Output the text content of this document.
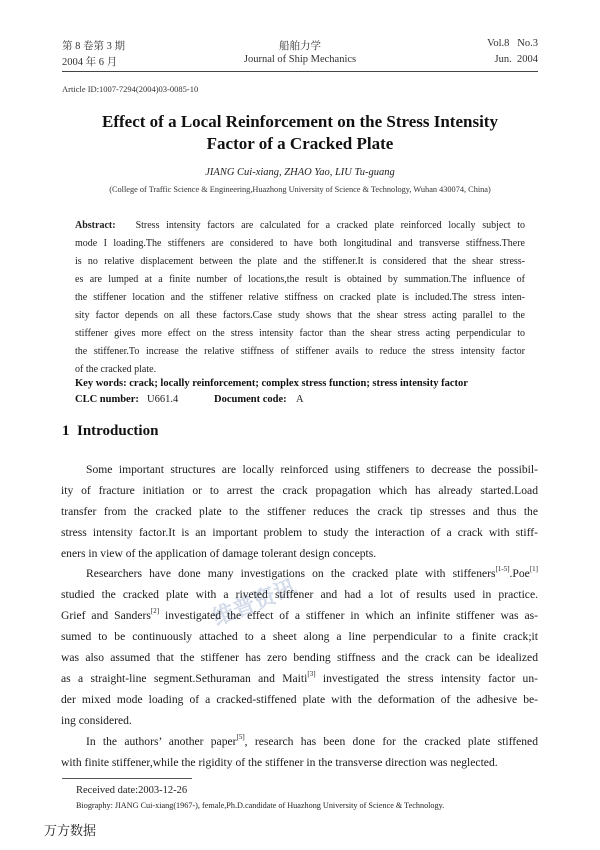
第 8 卷第 3 期
2004 年 6 月
船舶力学
Journal of Ship Mechanics
Vol.8   No.3
Jun.  2004
Article ID:1007-7294(2004)03-0085-10
Effect of a Local Reinforcement on the Stress Intensity
Factor of a Cracked Plate
JIANG Cui-xiang, ZHAO Yao, LIU Tu-guang
(College of Traffic Science & Engineering,Huazhong University of Science & Technology, Wuhan 430074, China)
Abstract: Stress intensity factors are calculated for a cracked plate reinforced locally subject to
mode I loading.The stiffeners are considered to have both longitudinal and transverse stiffness.There
is no relative displacement between the plate and the stiffener.It is considered that the shear stress-
es are lumped at a finite number of locations,the result is obtained by summation.The influence of
the stiffener location and the stiffener relative stiffness on cracked plate is included.The stress inten-
sity factor depends on all these factors.Case study shows that the shear stress acting parallel to the
stiffener gives more effect on the stress intensity factor than the shear stress acting perpendicular to
the stiffener.To increase the relative stiffness of stiffener avails to reduce the stress intensity factor
of the cracked plate.
Key words: crack; locally reinforcement; complex stress function; stress intensity factor
CLC number: U661.4	Document code: A
1  Introduction
Some important structures are locally reinforced using stiffeners to decrease the possibil-
ity of fracture initiation or to arrest the crack propagation which has already started.Load
transfer from the cracked plate to the stiffener reduces the crack tip stresses and thus the
stress intensity factor.It is an important problem to study the interaction of a crack with stiff-
eners in view of the application of damage tolerant design concepts.
维普资讯
Researchers have done many investigations on the cracked plate with stiffeners[1-5].Poe[1]
studied the cracked plate with a riveted stiffener and had a lot of results used in practice.
Grief and Sanders[2] investigated the effect of a stiffener in which an infinite stiffener was as-
sumed to be continuously attached to a sheet along a line perpendicular to a finite crack;it
was also assumed that the stiffener has zero bending stiffness and the crack can be idealized
as a straight-line segment.Sethuraman and Maiti[3] investigated the stress intensity factor un-
der mixed mode loading of a cracked-stiffened plate with the deformation of the adhesive be-
ing considered.
In the authors’ another paper[5], research has been done for the cracked plate stiffened
with finite stiffener,while the rigidity of the stiffener in the transverse direction was neglected.
Received date:2003-12-26
Biography: JIANG Cui-xiang(1967-), female,Ph.D.candidate of Huazhong University of Science & Technology.
万方数据
